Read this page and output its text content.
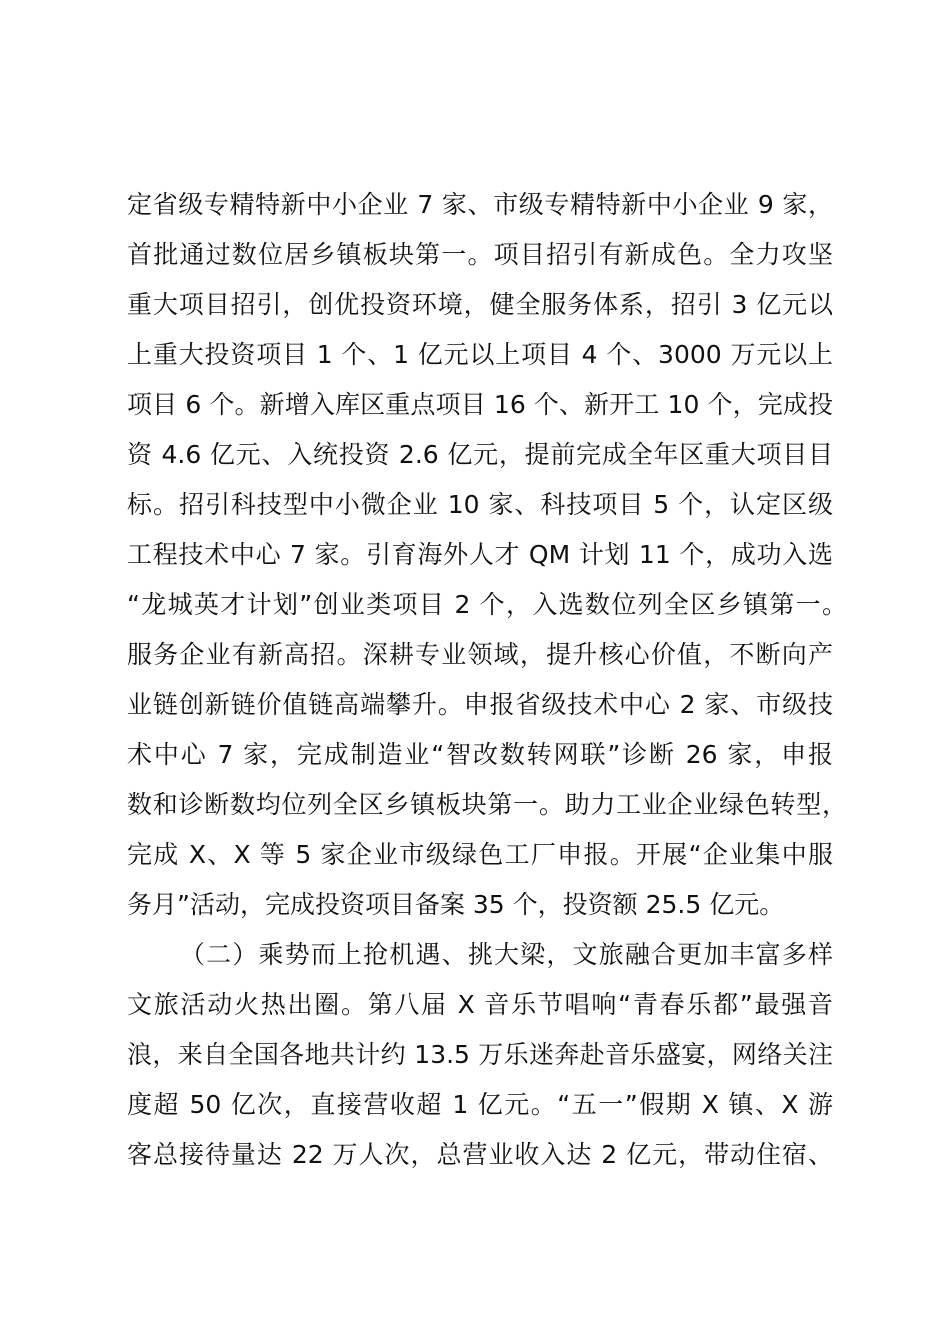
定省级专精特新中小企业 7 家、市级专精特新中小企业 9 家，
首批通过数位居乡镇板块第一。项目招引有新成色。全力攻坚
重大项目招引，创优投资环境，健全服务体系，招引 3 亿元以
上重大投资项目 1 个、1 亿元以上项目 4 个、3000 万元以上
项目 6 个。新增入库区重点项目 16 个、新开工 10 个，完成投
资 4.6 亿元、入统投资 2.6 亿元，提前完成全年区重大项目目
标。招引科技型中小微企业 10 家、科技项目 5 个，认定区级
工程技术中心 7 家。引育海外人才 QM 计划 11 个，成功入选
“龙城英才计划”创业类项目 2 个，入选数位列全区乡镇第一。
服务企业有新高招。深耕专业领域，提升核心价值，不断向产
业链创新链价值链高端攀升。申报省级技术中心 2 家、市级技
术中心 7 家，完成制造业“智改数转网联”诊断 26 家，申报
数和诊断数均位列全区乡镇板块第一。助力工业企业绿色转型，
完成 X、X 等 5 家企业市级绿色工厂申报。开展“企业集中服
务月”活动，完成投资项目备案 35 个，投资额 25.5 亿元。
（二）乘势而上抢机遇、挑大梁，文旅融合更加丰富多样
文旅活动火热出圈。第八届 X 音乐节唱响“青春乐都”最强音
浪，来自全国各地共计约 13.5 万乐迷奔赴音乐盛宴，网络关注
度超 50 亿次，直接营收超 1 亿元。“五一”假期 X 镇、X 游
客总接待量达 22 万人次，总营业收入达 2 亿元，带动住宿、
